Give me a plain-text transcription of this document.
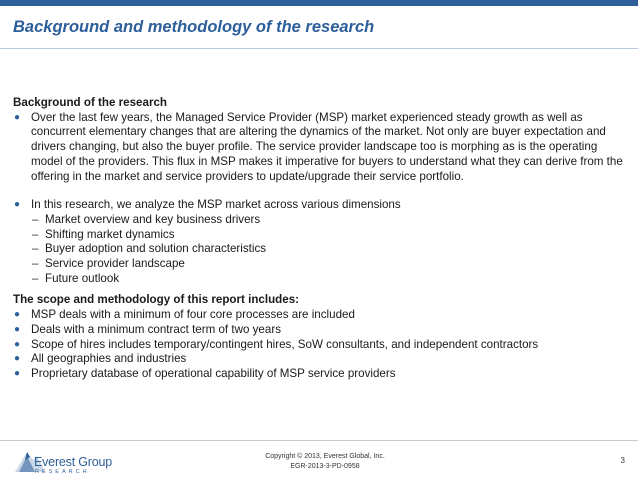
Background and methodology of the research
Background of the research
● Over the last few years, the Managed Service Provider (MSP) market experienced steady growth as well as concurrent elementary changes that are altering the dynamics of the market. Not only are buyer expectation and drivers changing, but also the buyer profile. The service provider landscape too is morphing as is the operating model of the providers. This flux in MSP makes it imperative for buyers to understand what they can derive from the offering in the market and service providers to update/upgrade their service portfolio.
● In this research, we analyze the MSP market across various dimensions
– Market overview and key business drivers
– Shifting market dynamics
– Buyer adoption and solution characteristics
– Service provider landscape
– Future outlook
The scope and methodology of this report includes:
● MSP deals with a minimum of four core processes are included
● Deals with a minimum contract term of two years
● Scope of hires includes temporary/contingent hires, SoW consultants, and independent contractors
● All geographies and industries
● Proprietary database of operational capability of MSP service providers
Everest Group
RESEARCH
Copyright © 2013, Everest Global, Inc.
EGR-2013-3-PD-0958
3
